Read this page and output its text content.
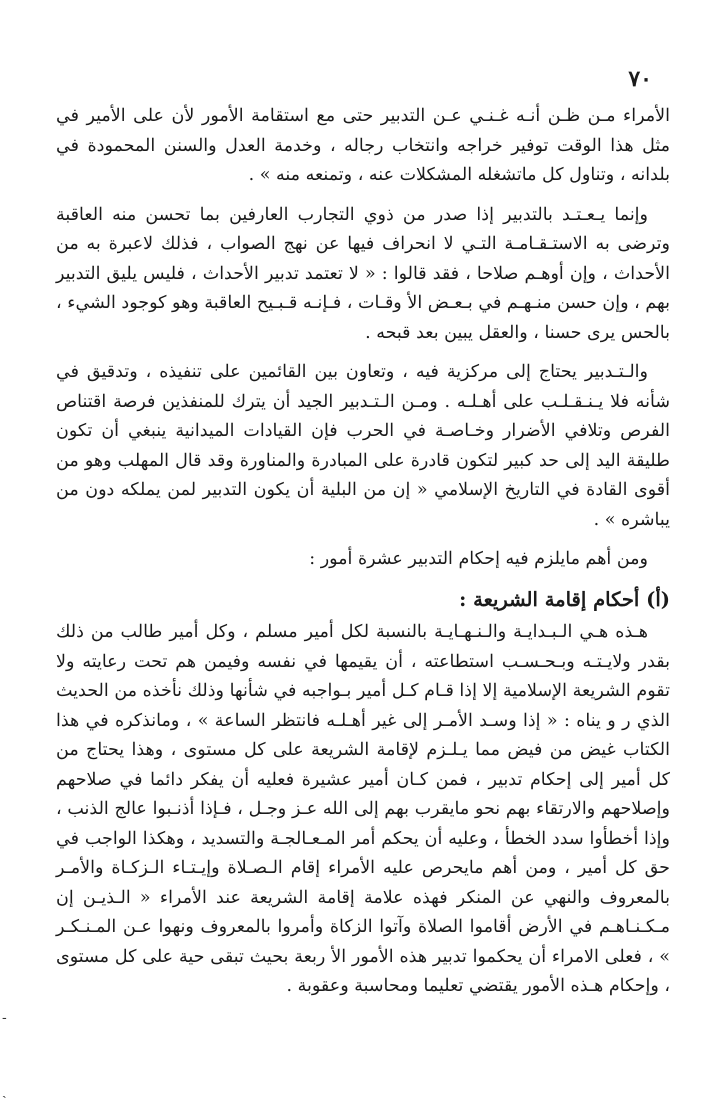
٧٠

الأمراء مـن ظـن أنـه غـنـي عـن التدبير حتى مع استقامة الأمور لأن على الأمير في مثل هذا الوقت توفير خراجه وانتخاب رجاله ، وخدمة العدل والسنن المحمودة في بلدانه ، وتناول كل ماتشغله المشكلات عنه ، وتمنعه منه » .

وإنما يـعـتـد بالتدبير إذا صدر من ذوي التجارب العارفين بما تحسن منه العاقبة وترضى به الاستـقـامـة التـي لا انحراف فيها عن نهج الصواب ، فذلك لاعبرة به من الأحداث ، وإن أوهـم صلاحا ، فقد قالوا : « لا تعتمد تدبير الأحداث ، فليس يليق التدبير بهم ، وإن حسن منـهـم في بـعـض الأ وقـات ، فـإنـه قـبـيح العاقبة وهو كوجود الشيء ، بالحس يرى حسنا ، والعقل يبين بعد قبحه .

والـتـدبير يحتاج إلى مركزية فيه ، وتعاون بين القائمين على تنفيذه ، وتدقيق في شأنه فلا يـنـقـلـب على أهـلـه . ومـن الـتـدبير الجيد أن يترك للمنفذين فرصة اقتناص الفرص وتلافي الأضرار وخـاصـة في الحرب فإن القيادات الميدانية ينبغي أن تكون طليقة اليد إلى حد كبير لتكون قادرة على المبادرة والمناورة وقد قال المهلب وهو من أقوى القادة في التاريخ الإسلامي « إن من البلية أن يكون التدبير لمن يملكه دون من يباشره » .

ومن أهم مايلزم فيه إحكام التدبير عشرة أمور :

(أ) أحكام إقامة الشريعة :

هـذه هـي الـبـدايـة والـنـهـايـة بالنسبة لكل أمير مسلم ، وكل أمير طالب من ذلك بقدر ولايـتـه وبـحـسـب استطاعته ، أن يقيمها في نفسه وفيمن هم تحت رعايته ولا تقوم الشريعة الإسلامية إلا إذا قـام كـل أمير بـواجبه في شأنها وذلك نأخذه من الحديث الذي ر و يناه : « إذا وسـد الأمـر إلى غير أهـلـه فانتظر الساعة » ، ومانذكره في هذا الكتاب غيض من فيض مما يـلـزم لإقامة الشريعة على كل مستوى ، وهذا يحتاج من كل أمير إلى إحكام تدبير ، فمن كـان أمير عشيرة فعليه أن يفكر دائما في صلاحهم وإصلاحهم والارتقاء بهم نحو مايقرب بهم إلى الله عـز وجـل ، فـإذا أذنـبوا عالج الذنب ، وإذا أخطأوا سدد الخطأ ، وعليه أن يحكم أمر المـعـالجـة والتسديد ، وهكذا الواجب في حق كل أمير ، ومن أهم مايحرص عليه الأمراء إقام الـصـلاة وإيـتـاء الـزكـاة والأمـر بالمعروف والنهي عن المنكر فهذه علامة إقامة الشريعة عند الأمراء « الـذيـن إن مـكـنـاهـم في الأرض أقاموا الصلاة وآتوا الزكاة وأمروا بالمعروف ونهوا عـن المـنـكـر » ، فعلى الامراء أن يحكموا تدبير هذه الأمور الأ ربعة بحيث تبقى حية على كل مستوى ، وإحكام هـذه الأمور يقتضي تعليما ومحاسبة وعقوبة .

‑
ˎ
